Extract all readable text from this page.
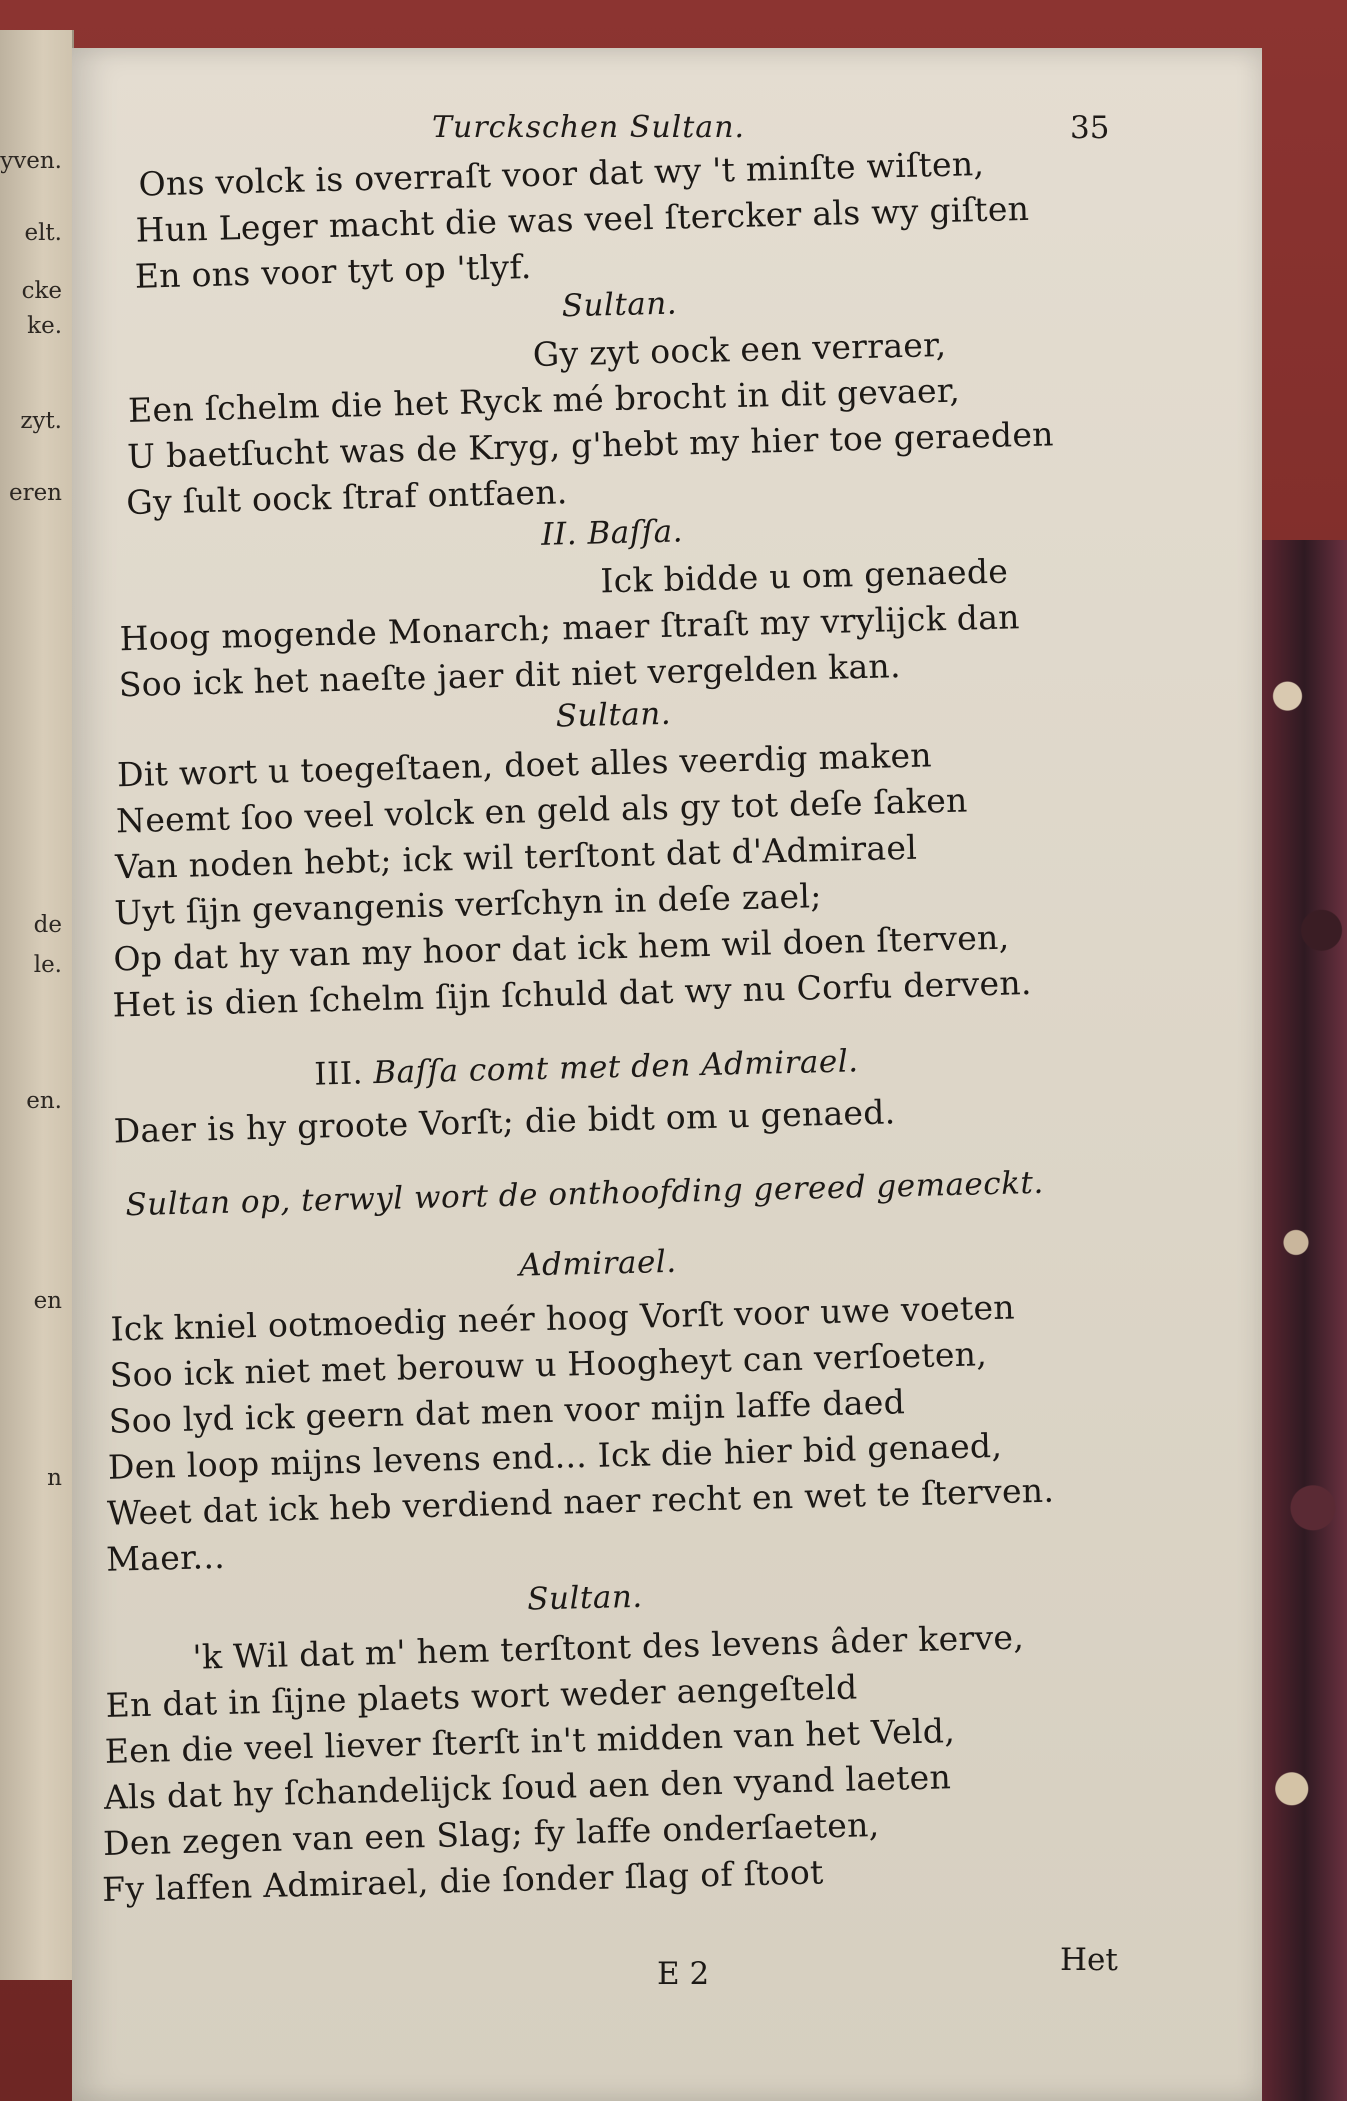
yven.
elt.
cke
ke.
zyt.
eren
de
le.
en.
en
n
Turckschen Sultan.	35
Ons volck is overraſt voor dat wy 't minſte wiſten,
Hun Leger macht die was veel ſtercker als wy giſten
En ons voor tyt op 'tlyf.
Sultan.
Gy zyt oock een verraer,
Een ſchelm die het Ryck mé brocht in dit gevaer,
U baetſucht was de Kryg, g'hebt my hier toe geraeden
Gy ſult oock ſtraf ontfaen.
II. Baſſa.
Ick bidde u om genaede
Hoog mogende Monarch; maer ſtraſt my vrylijck dan
Soo ick het naeſte jaer dit niet vergelden kan.
Sultan.
Dit wort u toegeſtaen, doet alles veerdig maken
Neemt ſoo veel volck en geld als gy tot deſe ſaken
Van noden hebt; ick wil terſtont dat d'Admirael
Uyt ſijn gevangenis verſchyn in deſe zael;
Op dat hy van my hoor dat ick hem wil doen ſterven,
Het is dien ſchelm ſijn ſchuld dat wy nu Corfu derven.
III. Baſſa comt met den Admirael.
Daer is hy groote Vorſt; die bidt om u genaed.
Sultan op, terwyl wort de onthoofding gereed gemaeckt.
Admirael.
Ick kniel ootmoedig neér hoog Vorſt voor uwe voeten
Soo ick niet met berouw u Hoogheyt can verſoeten,
Soo lyd ick geern dat men voor mijn laffe daed
Den loop mijns levens end... Ick die hier bid genaed,
Weet dat ick heb verdiend naer recht en wet te ſterven.
Maer...
Sultan.
'k Wil dat m' hem terſtont des levens âder kerve,
En dat in ſijne plaets wort weder aengeſteld
Een die veel liever ſterſt in't midden van het Veld,
Als dat hy ſchandelijck ſoud aen den vyand laeten
Den zegen van een Slag; fy laffe onderſaeten,
Fy laffen Admirael, die ſonder ſlag of ſtoot
E 2	Het
